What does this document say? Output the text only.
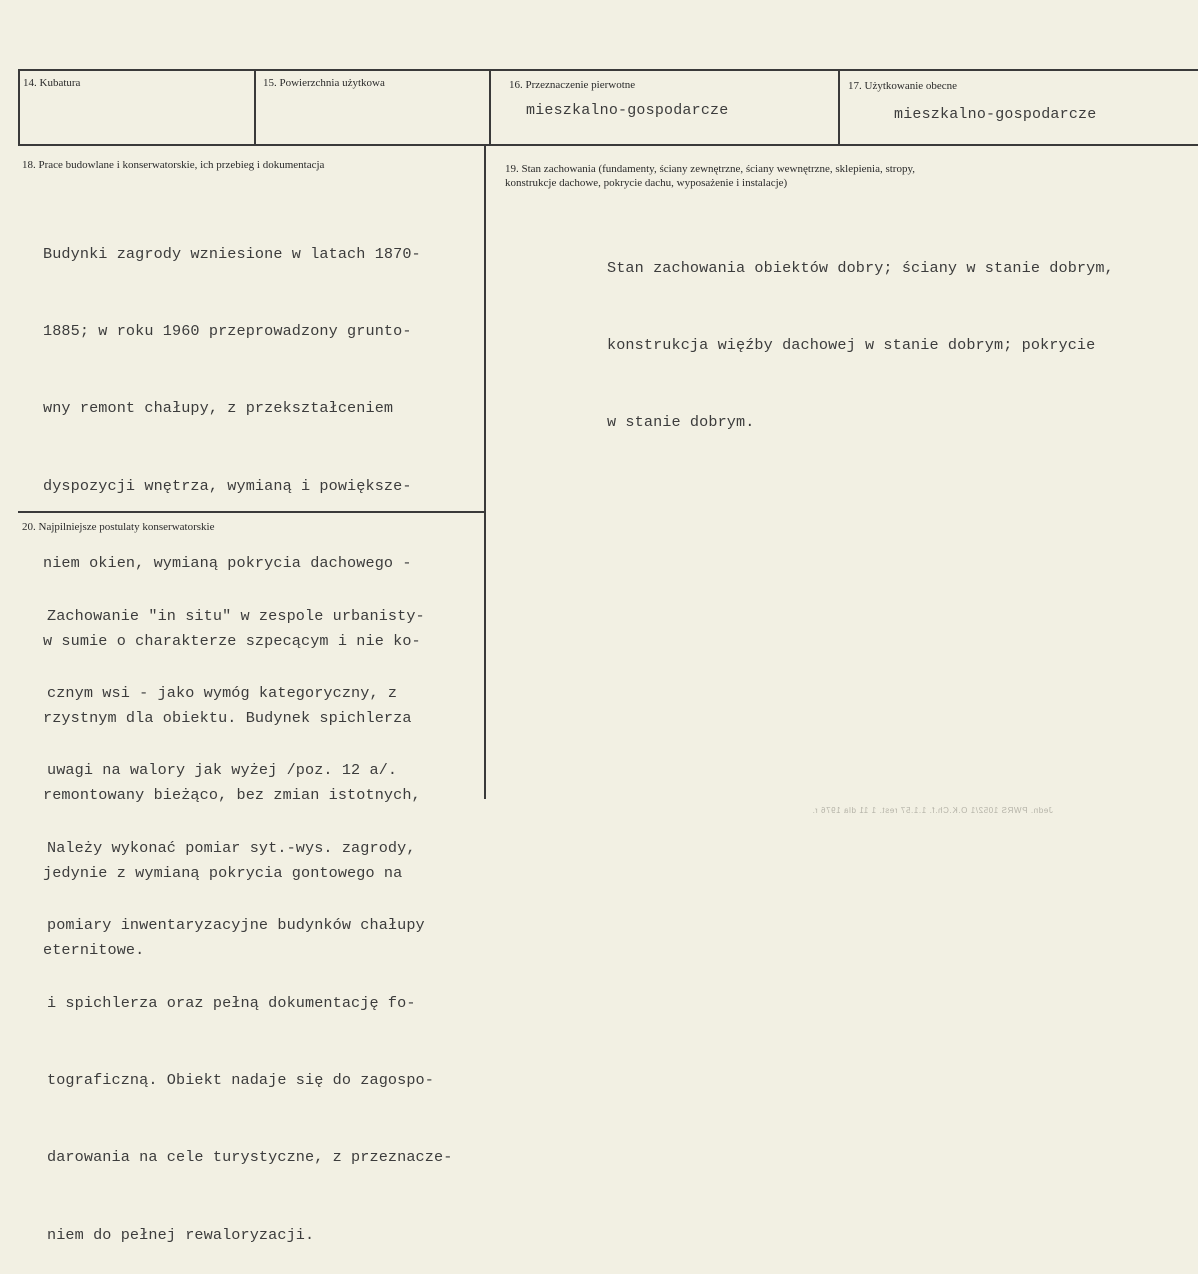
14. Kubatura	15. Powierzchnia użytkowa	16. Przeznaczenie pierwotne
mieszkalno-gospodarcze
17. Użytkowanie obecne
mieszkalno-gospodarcze
18. Prace budowlane i konserwatorskie, ich przebieg i dokumentacja

Budynki zagrody wzniesione w latach 1870-

1885; w roku 1960 przeprowadzony grunto-

wny remont chałupy, z przekształceniem

dyspozycji wnętrza, wymianą i powiększe-

niem okien, wymianą pokrycia dachowego -

w sumie o charakterze szpecącym i nie ko-

rzystnym dla obiektu. Budynek spichlerza

remontowany bieżąco, bez zmian istotnych,

jedynie z wymianą pokrycia gontowego na

eternitowe.

19. Stan zachowania (fundamenty, ściany zewnętrzne, ściany wewnętrzne, sklepienia, stropy,
konstrukcje dachowe, pokrycie dachu, wyposażenie i instalacje)

Stan zachowania obiektów dobry; ściany w stanie dobrym,

konstrukcja więźby dachowej w stanie dobrym; pokrycie

w stanie dobrym.

20. Najpilniejsze postulaty konserwatorskie

Zachowanie "in situ" w zespole urbanisty-

cznym wsi - jako wymóg kategoryczny, z

uwagi na walory jak wyżej /poz. 12 a/.

Należy wykonać pomiar syt.-wys. zagrody,

pomiary inwentaryzacyjne budynków chałupy

i spichlerza oraz pełną dokumentację fo-

tograficzną. Obiekt nadaje się do zagospo-

darowania na cele turystyczne, z przeznacze-

niem do pełnej rewaloryzacji.

Jedn. PWRS 1052/1 O.K.Ch.f. 1.1.57 rest. 1 11 dla 1976 r.
